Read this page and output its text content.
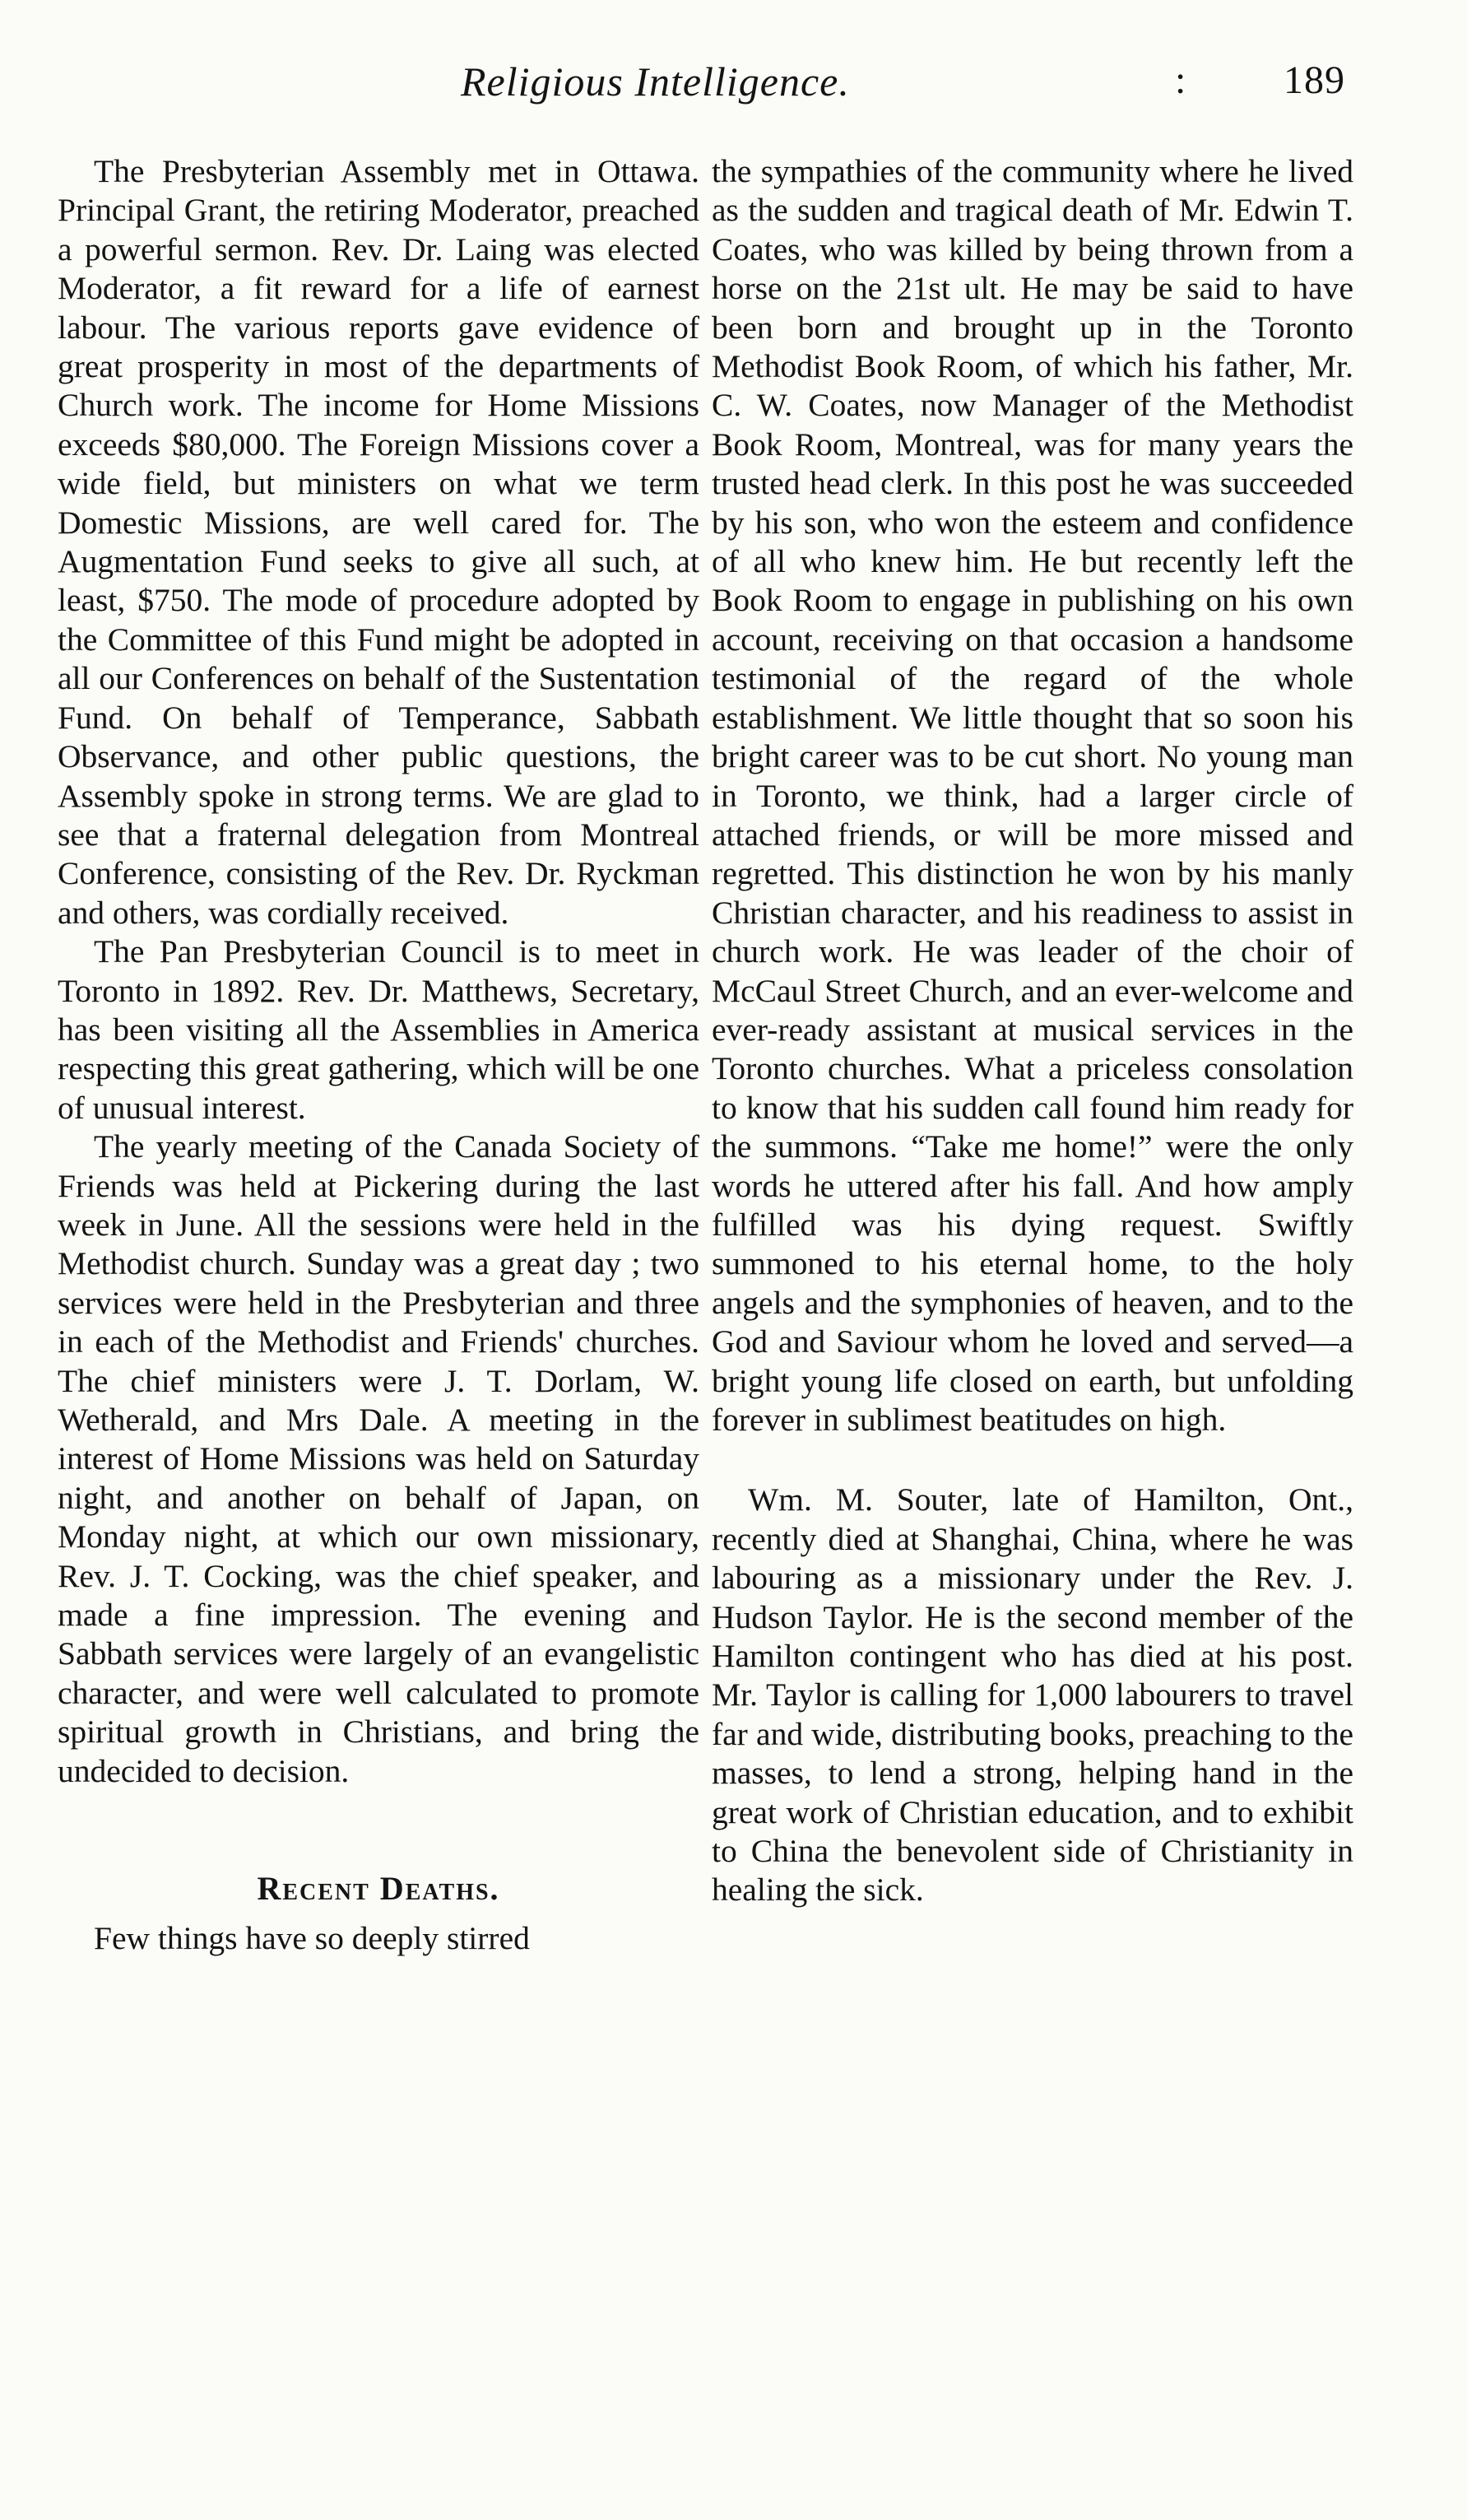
Religious Intelligence.	: 189

The Presbyterian Assembly met in Ottawa. Principal Grant, the retiring Moderator, preached a powerful sermon. Rev. Dr. Laing was elected Moderator, a fit reward for a life of earnest labour. The various reports gave evidence of great prosperity in most of the departments of Church work. The income for Home Missions exceeds $80,000. The Foreign Missions cover a wide field, but ministers on what we term Domestic Missions, are well cared for. The Augmentation Fund seeks to give all such, at least, $750. The mode of procedure adopted by the Committee of this Fund might be adopted in all our Conferences on behalf of the Sustentation Fund. On behalf of Temperance, Sabbath Observance, and other public questions, the Assembly spoke in strong terms. We are glad to see that a fraternal delegation from Montreal Conference, consisting of the Rev. Dr. Ryckman and others, was cordially received.

The Pan Presbyterian Council is to meet in Toronto in 1892. Rev. Dr. Matthews, Secretary, has been visiting all the Assemblies in America respecting this great gathering, which will be one of unusual interest.

The yearly meeting of the Canada Society of Friends was held at Pickering during the last week in June. All the sessions were held in the Methodist church. Sunday was a great day ; two services were held in the Presbyterian and three in each of the Methodist and Friends' churches. The chief ministers were J. T. Dorlam, W. Wetherald, and Mrs Dale. A meeting in the interest of Home Missions was held on Saturday night, and another on behalf of Japan, on Monday night, at which our own missionary, Rev. J. T. Cocking, was the chief speaker, and made a fine impression. The evening and Sabbath services were largely of an evangelistic character, and were well calculated to promote spiritual growth in Christians, and bring the undecided to decision.

Recent Deaths.

Few things have so deeply stirred

the sympathies of the community where he lived as the sudden and tragical death of Mr. Edwin T. Coates, who was killed by being thrown from a horse on the 21st ult. He may be said to have been born and brought up in the Toronto Methodist Book Room, of which his father, Mr. C. W. Coates, now Manager of the Methodist Book Room, Montreal, was for many years the trusted head clerk. In this post he was succeeded by his son, who won the esteem and confidence of all who knew him. He but recently left the Book Room to engage in publishing on his own account, receiving on that occasion a handsome testimonial of the regard of the whole establishment. We little thought that so soon his bright career was to be cut short. No young man in Toronto, we think, had a larger circle of attached friends, or will be more missed and regretted. This distinction he won by his manly Christian character, and his readiness to assist in church work. He was leader of the choir of McCaul Street Church, and an ever-welcome and ever-ready assistant at musical services in the Toronto churches. What a priceless consolation to know that his sudden call found him ready for the summons. “Take me home!” were the only words he uttered after his fall. And how amply fulfilled was his dying request. Swiftly summoned to his eternal home, to the holy angels and the symphonies of heaven, and to the God and Saviour whom he loved and served—a bright young life closed on earth, but unfolding forever in sublimest beatitudes on high.

Wm. M. Souter, late of Hamilton, Ont., recently died at Shanghai, China, where he was labouring as a missionary under the Rev. J. Hudson Taylor. He is the second member of the Hamilton contingent who has died at his post. Mr. Taylor is calling for 1,000 labourers to travel far and wide, distributing books, preaching to the masses, to lend a strong, helping hand in the great work of Christian education, and to exhibit to China the benevolent side of Christianity in healing the sick.
